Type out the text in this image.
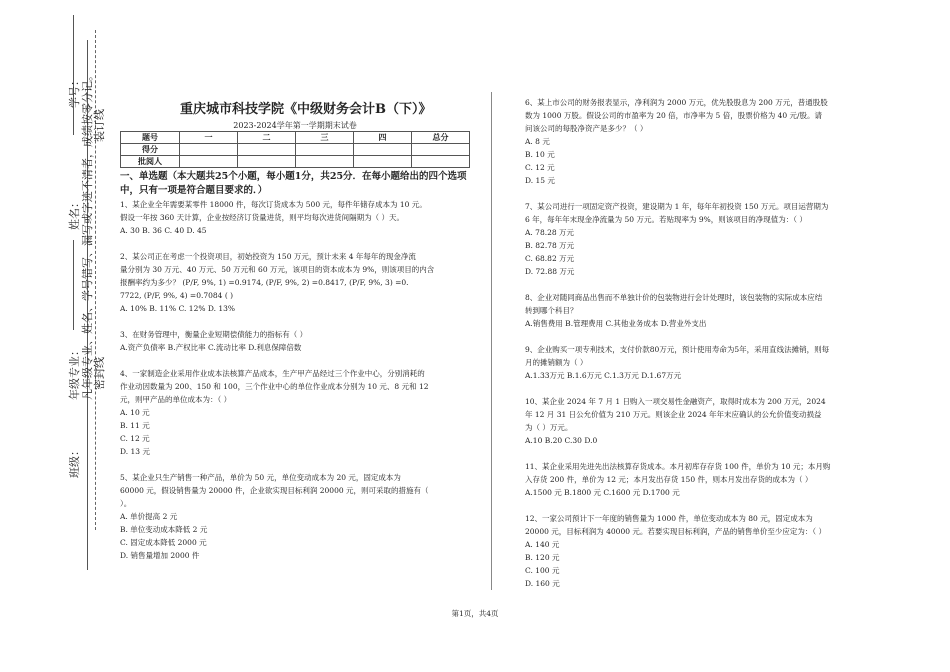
学号：
姓名：
装订线
凡年级专业、姓名、学号错写、漏写或字迹不清者，成绩按零分记。
年级专业： 密封线
班级：
重庆城市科技学院《中级财务会计B（下）》
2023-2024学年第一学期期末试卷
题号	一	二	三	四	总分
得分					
批阅人					
一、单选题（本大题共25个小题，每小题1分，共25分．在每小题给出的四个选项中，只有一项是符合题目要求的．）

1、某企业全年需要某零件 18000 件，每次订货成本为 500 元，每件年储存成本为 10 元。

假设一年按 360 天计算，企业按经济订货量进货，则平均每次进货间隔期为（ ）天。

A. 30 B. 36 C. 40 D. 45

2、某公司正在考虑一个投资项目，初始投资为 150 万元，预计未来 4 年每年的现金净流

量分别为 30 万元、40 万元、50 万元和 60 万元，该项目的资本成本为 9%，则该项目的内含

报酬率约为多少？ (P/F, 9%, 1) =0.9174, (P/F, 9%, 2) =0.8417, (P/F, 9%, 3) =0.

7722, (P/F, 9%, 4) =0.7084 ( )

A. 10% B. 11% C. 12% D. 13%

3、在财务管理中，衡量企业短期偿债能力的指标有（ ）

A.资产负债率 B.产权比率 C.流动比率 D.利息保障倍数

4、一家制造企业采用作业成本法核算产品成本，生产甲产品经过三个作业中心，分别消耗的

作业动因数量为 200、150 和 100，三个作业中心的单位作业成本分别为 10 元、8 元和 12

元，则甲产品的单位成本为：（ ）

A. 10 元

B. 11 元

C. 12 元

D. 13 元

5、某企业只生产销售一种产品，单价为 50 元，单位变动成本为 20 元，固定成本为

60000 元，假设销售量为 20000 件，企业欲实现目标利润 20000 元，则可采取的措施有（

）。

A. 单价提高 2 元

B. 单位变动成本降低 2 元

C. 固定成本降低 2000 元

D. 销售量增加 2000 件

6、某上市公司的财务报表显示，净利润为 2000 万元，优先股股息为 200 万元，普通股股

数为 1000 万股。假设公司的市盈率为 20 倍，市净率为 5 倍，股票价格为 40 元/股。请

问该公司的每股净资产是多少？（ ）

A. 8 元

B. 10 元

C. 12 元

D. 15 元

7、某公司进行一项固定资产投资，建设期为 1 年，每年年初投资 150 万元。项目运营期为

6 年，每年年末现金净流量为 50 万元。若贴现率为 9%，则该项目的净现值为：（ ）

A. 78.28 万元

B. 82.78 万元

C. 68.82 万元

D. 72.88 万元

8、企业对随同商品出售而不单独计价的包装物进行会计处理时，该包装物的实际成本应结

转到哪个科目？

A.销售费用 B.管理费用 C.其他业务成本 D.营业外支出

9、企业购买一项专利技术，支付价款80万元，预计使用寿命为5年，采用直线法摊销，则每

月的摊销额为（ ）

A.1.33万元 B.1.6万元 C.1.3万元 D.1.67万元

10、某企业 2024 年 7 月 1 日购入一项交易性金融资产，取得时成本为 200 万元，2024

年 12 月 31 日公允价值为 210 万元。则该企业 2024 年年末应确认的公允价值变动损益

为（ ）万元。

A.10 B.20 C.30 D.0

11、某企业采用先进先出法核算存货成本。本月初库存存货 100 件，单价为 10 元；本月购

入存货 200 件，单价为 12 元；本月发出存货 150 件，则本月发出存货的成本为（ ）

A.1500 元 B.1800 元 C.1600 元 D.1700 元

12、一家公司预计下一年度的销售量为 1000 件，单位变动成本为 80 元，固定成本为

20000 元，目标利润为 40000 元。若要实现目标利润，产品的销售单价至少应定为：（ ）

A. 140 元

B. 120 元

C. 100 元

D. 160 元

第1页，共4页
